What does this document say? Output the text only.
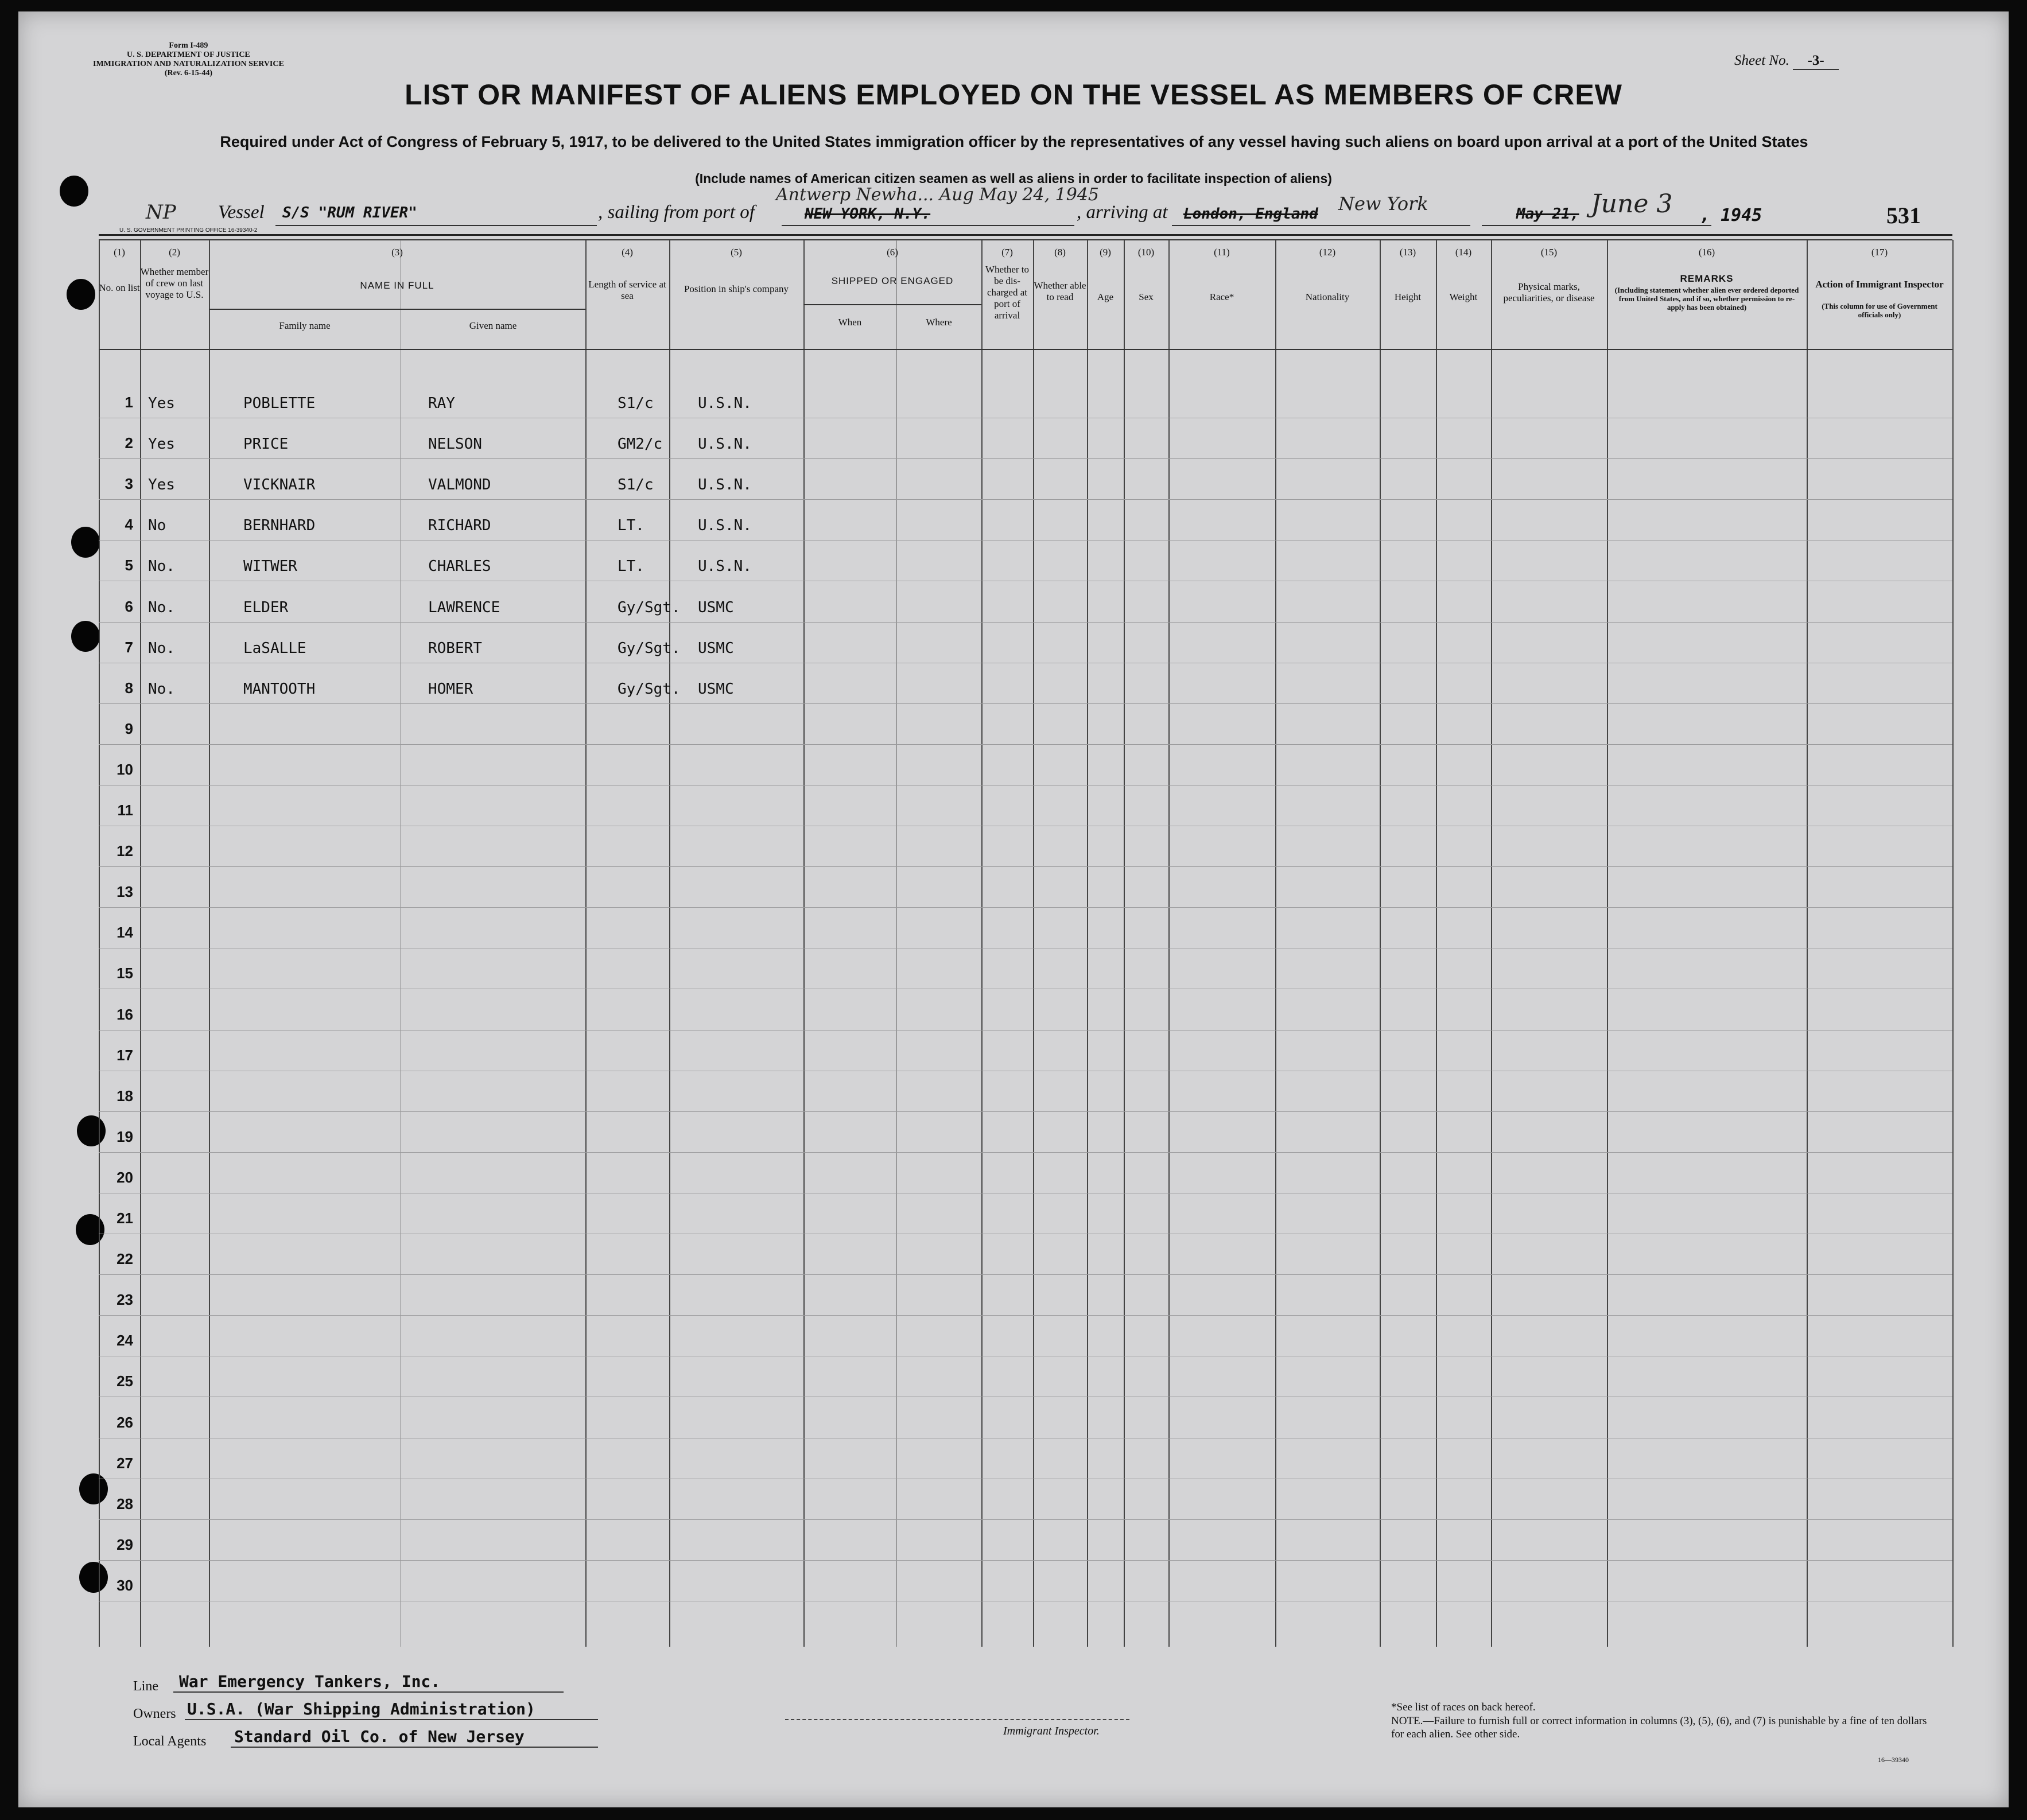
Form I-489
U. S. DEPARTMENT OF JUSTICE
IMMIGRATION AND NATURALIZATION SERVICE
(Rev. 6-15-44)
Sheet No. -3-
LIST OR MANIFEST OF ALIENS EMPLOYED ON THE VESSEL AS MEMBERS OF CREW
Required under Act of Congress of February 5, 1917, to be delivered to the United States immigration officer by the representatives of any vessel having such aliens on board upon arrival at a port of the United States
(Include names of American citizen seamen as well as aliens in order to facilitate inspection of aliens)
NP Vessel S/S "RUM RIVER"	, sailing from port of
Antwerp Newha... Aug May 24, 1945
NEW YORK, N.Y.	, arriving at London, England New York	May 21, June 3 , 1945	531
U. S. GOVERNMENT PRINTING OFFICE 16-39340-2
(1)	(2)	(3)	(4)	(5)	(6)	(7)	(8)	(9)	(10)	(11)	(12)	(13)	(14)	(15)	(16)	(17)
No. on list
Whether member of crew on last voyage to U.S.
NAME IN FULL
Family name	Given name
Length of service at sea
Position in ship's company
SHIPPED OR ENGAGED
When	Where
Whether to be dis-charged at port of arrival
Whether able to read	Age	Sex	Race*	Nationality	Height	Weight
Physical marks, peculiarities, or disease
REMARKS
(Including statement whether alien ever ordered deported from United States, and if so, whether permission to re-apply has been obtained)
Action of Immigrant Inspector
(This column for use of Government officials only)
1 Yes	POBLETTE	RAY	S1/c	U.S.N.
2 Yes	PRICE	NELSON	GM2/c U.S.N.
3 Yes	VICKNAIR	VALMOND	S1/c	U.S.N.
4 No	BERNHARD	RICHARD	LT.	U.S.N.
5 No.	WITWER	CHARLES	LT.	U.S.N.
6 No.	ELDER	LAWRENCE	Gy/Sgt. USMC
7 No.	LaSALLE	ROBERT	Gy/Sgt. USMC
8 No.	MANTOOTH	HOMER	Gy/Sgt. USMC
9
10
11
12
13
14
15
16
17
18
19
20
21
22
23
24
25
26
27
28
29
30
Line War Emergency Tankers, Inc.
Owners U.S.A. (War Shipping Administration)
Local Agents Standard Oil Co. of New Jersey	Immigrant Inspector.
*See list of races on back hereof.
NOTE.—Failure to furnish full or correct information in columns (3), (5), (6), and (7) is punishable by a fine of ten dollars for each alien. See other side.
16—39340
